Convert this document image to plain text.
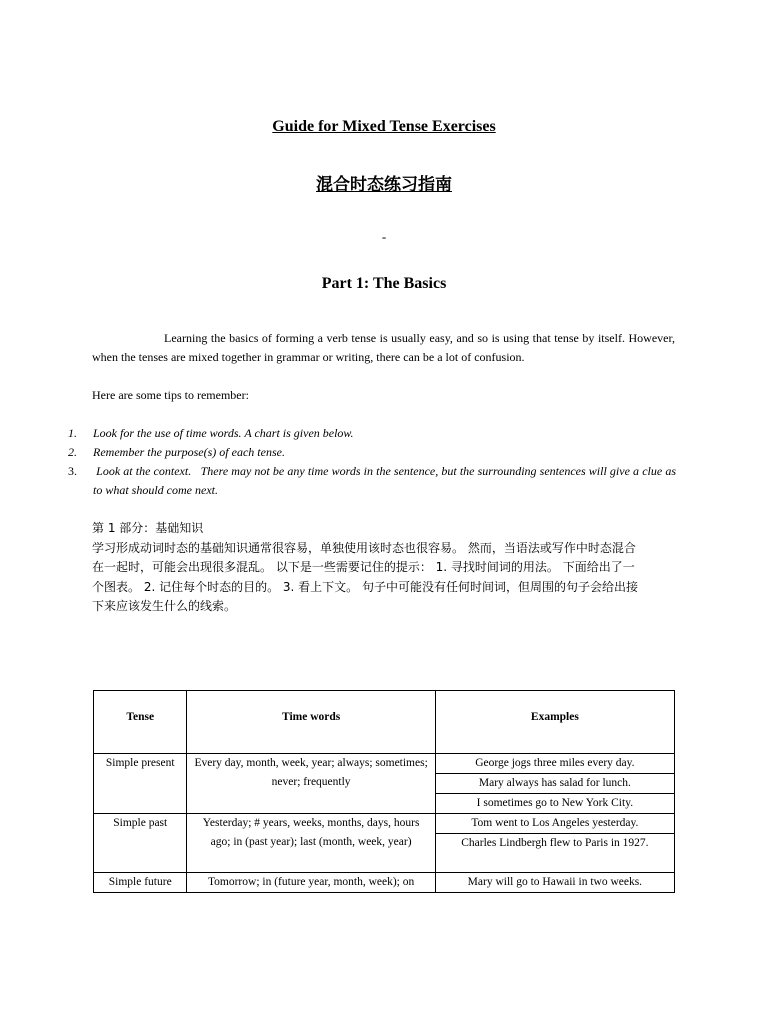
Guide for Mixed Tense Exercises
混合时态练习指南
-
Part 1: The Basics
Learning the basics of forming a verb tense is usually easy, and so is using that tense by itself. However, when the tenses are mixed together in grammar or writing, there can be a lot of confusion.
Here are some tips to remember:
1. Look for the use of time words. A chart is given below.
2. Remember the purpose(s) of each tense.
3. Look at the context.   There may not be any time words in the sentence, but the surrounding sentences will give a clue as to what should come next.
第 1 部分：基础知识
学习形成动词时态的基础知识通常很容易，单独使用该时态也很容易。 然而，当语法或写作中时态混合
在一起时，可能会出现很多混乱。 以下是一些需要记住的提示： 1. 寻找时间词的用法。 下面给出了一
个图表。 2. 记住每个时态的目的。 3. 看上下文。 句子中可能没有任何时间词，但周围的句子会给出接
下来应该发生什么的线索。
Tense	Time words	Examples
Simple present	Every day, month, week, year; always; sometimes; never; frequently	George jogs three miles every day.
		Mary always has salad for lunch.
		I sometimes go to New York City.
Simple past	Yesterday; # years, weeks, months, days, hours ago; in (past year); last (month, week, year)	Tom went to Los Angeles yesterday.
		Charles Lindbergh flew to Paris in 1927.
Simple future	Tomorrow; in (future year, month, week); on	Mary will go to Hawaii in two weeks.
